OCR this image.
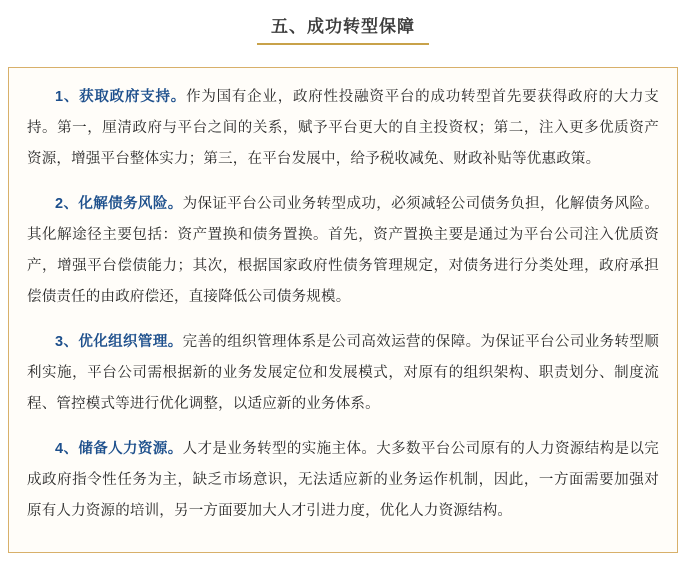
五、成功转型保障

1、获取政府支持。作为国有企业，政府性投融资平台的成功转型首先要获得政府的大力支持。第一，厘清政府与平台之间的关系，赋予平台更大的自主投资权；第二，注入更多优质资产资源，增强平台整体实力；第三，在平台发展中，给予税收减免、财政补贴等优惠政策。

2、化解债务风险。为保证平台公司业务转型成功，必须减轻公司债务负担，化解债务风险。其化解途径主要包括：资产置换和债务置换。首先，资产置换主要是通过为平台公司注入优质资产，增强平台偿债能力；其次，根据国家政府性债务管理规定，对债务进行分类处理，政府承担偿债责任的由政府偿还，直接降低公司债务规模。

3、优化组织管理。完善的组织管理体系是公司高效运营的保障。为保证平台公司业务转型顺利实施，平台公司需根据新的业务发展定位和发展模式，对原有的组织架构、职责划分、制度流程、管控模式等进行优化调整，以适应新的业务体系。

4、储备人力资源。人才是业务转型的实施主体。大多数平台公司原有的人力资源结构是以完成政府指令性任务为主，缺乏市场意识，无法适应新的业务运作机制，因此，一方面需要加强对原有人力资源的培训，另一方面要加大人才引进力度，优化人力资源结构。
